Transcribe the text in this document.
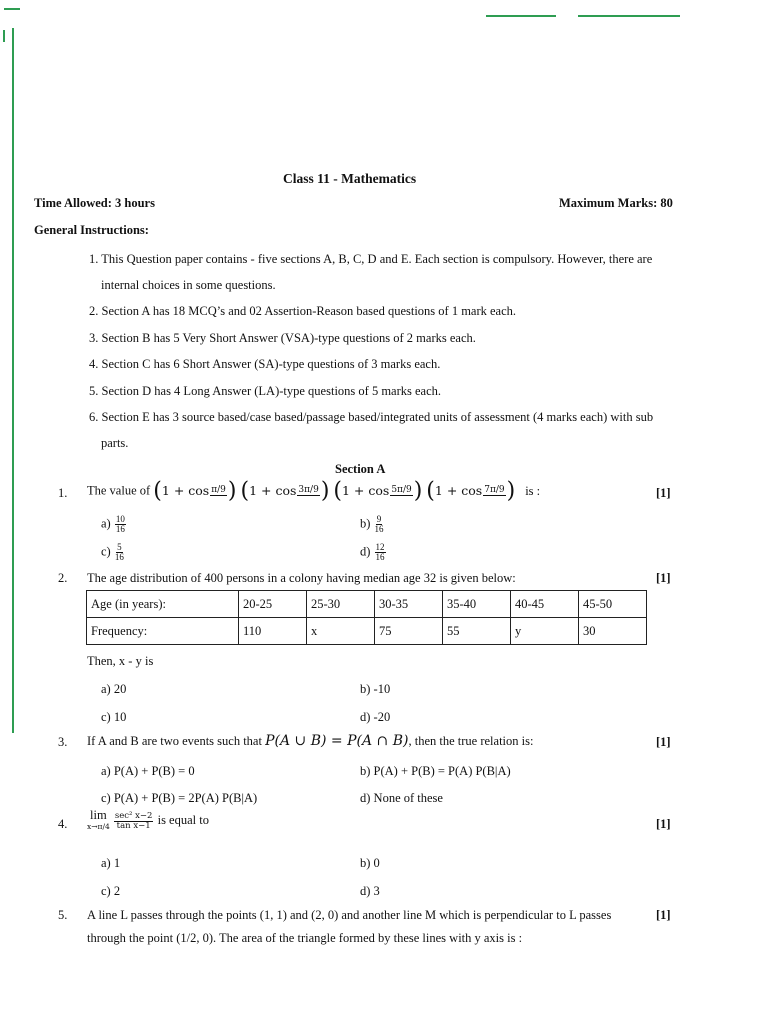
Class 11 - Mathematics
Time Allowed: 3 hours	Maximum Marks: 80
General Instructions:
1. This Question paper contains - five sections A, B, C, D and E. Each section is compulsory. However, there are
internal choices in some questions.
2. Section A has 18 MCQ’s and 02 Assertion-Reason based questions of 1 mark each.
3. Section B has 5 Very Short Answer (VSA)-type questions of 2 marks each.
4. Section C has 6 Short Answer (SA)-type questions of 3 marks each.
5. Section D has 4 Long Answer (LA)-type questions of 5 marks each.
6. Section E has 3 source based/case based/passage based/integrated units of assessment (4 marks each) with sub
parts.
Section A
1. The value of (1 + cos π/9 ) (1 + cos 3π/9 ) (1 + cos 5π/9 ) (1 + cos 7π/9 ) is :	[1]
$a) \frac{10}{16}$	$b) \frac{9}{16}$
$c) \frac{5}{16}$	$d) \frac{12}{16}$
2. The age distribution of 400 persons in a colony having median age 32 is given below:	[1]
Age (in years):	20-25	25-30	30-35	35-40	40-45	45-50
Frequency:	110	x	75	55	y	30
Then, x - y is
a) 20	b) -10
c) 10	d) -20
3. If A and B are two events such that P(A ∪ B) = P(A ∩ B), then the true relation is:	[1]
a) P(A) + P(B) = 0	b) P(A) + P(B) = P(A) P(B|A)
c) P(A) + P(B) = 2P(A) P(B|A)	d) None of these
4.
lim
x→π/4
$\frac{\text{sec² x−2}}{\text{tan x−1}}$ is equal to	[1]
a) 1	b) 0
c) 2	d) 3
5. A line L passes through the points (1, 1) and (2, 0) and another line M which is perpendicular to L passes
through the point (1/2, 0). The area of the triangle formed by these lines with y axis is :
[1]
